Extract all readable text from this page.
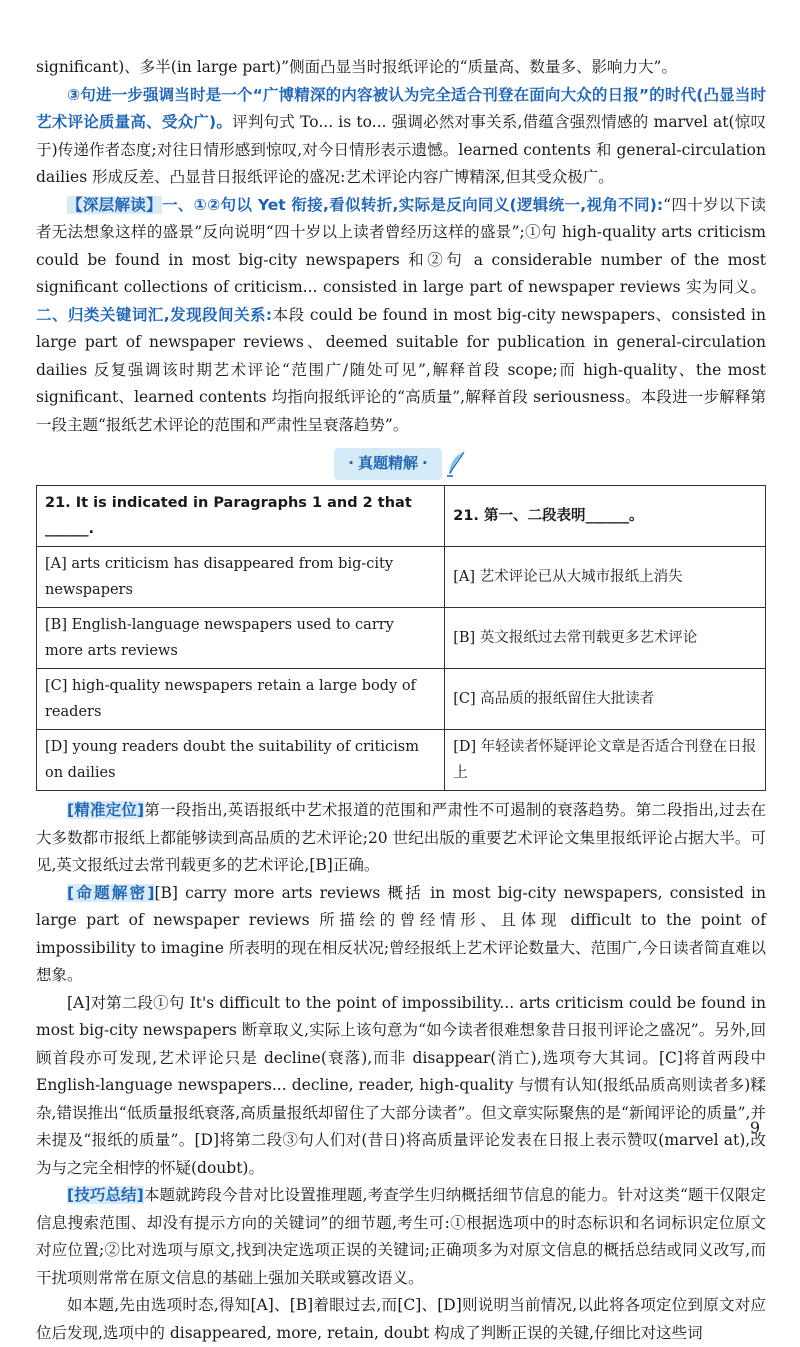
significant)、多半(in large part)”侧面凸显当时报纸评论的“质量高、数量多、影响力大”。

③句进一步强调当时是一个“广博精深的内容被认为完全适合刊登在面向大众的日报”的时代(凸显当时艺术评论质量高、受众广)。评判句式 To... is to... 强调必然对事关系,借蕴含强烈情感的 marvel at(惊叹于)传递作者态度;对往日情形感到惊叹,对今日情形表示遗憾。learned contents 和 general-circulation dailies 形成反差、凸显昔日报纸评论的盛况:艺术评论内容广博精深,但其受众极广。

【深层解读】一、①②句以 Yet 衔接,看似转折,实际是反向同义(逻辑统一,视角不同):“四十岁以下读者无法想象这样的盛景”反向说明“四十岁以上读者曾经历这样的盛景”;①句 high-quality arts criticism could be found in most big-city newspapers 和②句 a considerable number of the most significant collections of criticism... consisted in large part of newspaper reviews 实为同义。二、归类关键词汇,发现段间关系:本段 could be found in most big-city newspapers、consisted in large part of newspaper reviews、deemed suitable for publication in general-circulation dailies 反复强调该时期艺术评论“范围广/随处可见”,解释首段 scope;而 high-quality、the most significant、learned contents 均指向报纸评论的“高质量”,解释首段 seriousness。本段进一步解释第一段主题“报纸艺术评论的范围和严肃性呈衰落趋势”。

· 真题精解 ·
21. It is indicated in Paragraphs 1 and 2 that ______.	21. 第一、二段表明______。
[A] arts criticism has disappeared from big-city newspapers	[A] 艺术评论已从大城市报纸上消失
[B] English-language newspapers used to carry more arts reviews	[B] 英文报纸过去常刊载更多艺术评论
[C] high-quality newspapers retain a large body of readers	[C] 高品质的报纸留住大批读者
[D] young readers doubt the suitability of criticism on dailies	[D] 年轻读者怀疑评论文章是否适合刊登在日报上

[精准定位]第一段指出,英语报纸中艺术报道的范围和严肃性不可遏制的衰落趋势。第二段指出,过去在大多数都市报纸上都能够读到高品质的艺术评论;20 世纪出版的重要艺术评论文集里报纸评论占据大半。可见,英文报纸过去常刊载更多的艺术评论,[B]正确。

[命题解密][B] carry more arts reviews 概括 in most big-city newspapers, consisted in large part of newspaper reviews 所描绘的曾经情形、且体现 difficult to the point of impossibility to imagine 所表明的现在相反状况;曾经报纸上艺术评论数量大、范围广,今日读者简直难以想象。

[A]对第二段①句 It's difficult to the point of impossibility... arts criticism could be found in most big-city newspapers 断章取义,实际上该句意为“如今读者很难想象昔日报刊评论之盛况”。另外,回顾首段亦可发现,艺术评论只是 decline(衰落),而非 disappear(消亡),选项夸大其词。[C]将首两段中 English-language newspapers... decline, reader, high-quality 与惯有认知(报纸品质高则读者多)糅杂,错误推出“低质量报纸衰落,高质量报纸却留住了大部分读者”。但文章实际聚焦的是“新闻评论的质量”,并未提及“报纸的质量”。[D]将第二段③句人们对(昔日)将高质量评论发表在日报上表示赞叹(marvel at),改为与之完全相悖的怀疑(doubt)。

[技巧总结]本题就跨段今昔对比设置推理题,考查学生归纳概括细节信息的能力。针对这类“题干仅限定信息搜索范围、却没有提示方向的关键词”的细节题,考生可:①根据选项中的时态标识和名词标识定位原文对应位置;②比对选项与原文,找到决定选项正误的关键词;正确项多为对原文信息的概括总结或同义改写,而干扰项则常常在原文信息的基础上强加关联或篡改语义。

如本题,先由选项时态,得知[A]、[B]着眼过去,而[C]、[D]则说明当前情况,以此将各项定位到原文对应位后发现,选项中的 disappeared, more, retain, doubt 构成了判断正误的关键,仔细比对这些词

9
